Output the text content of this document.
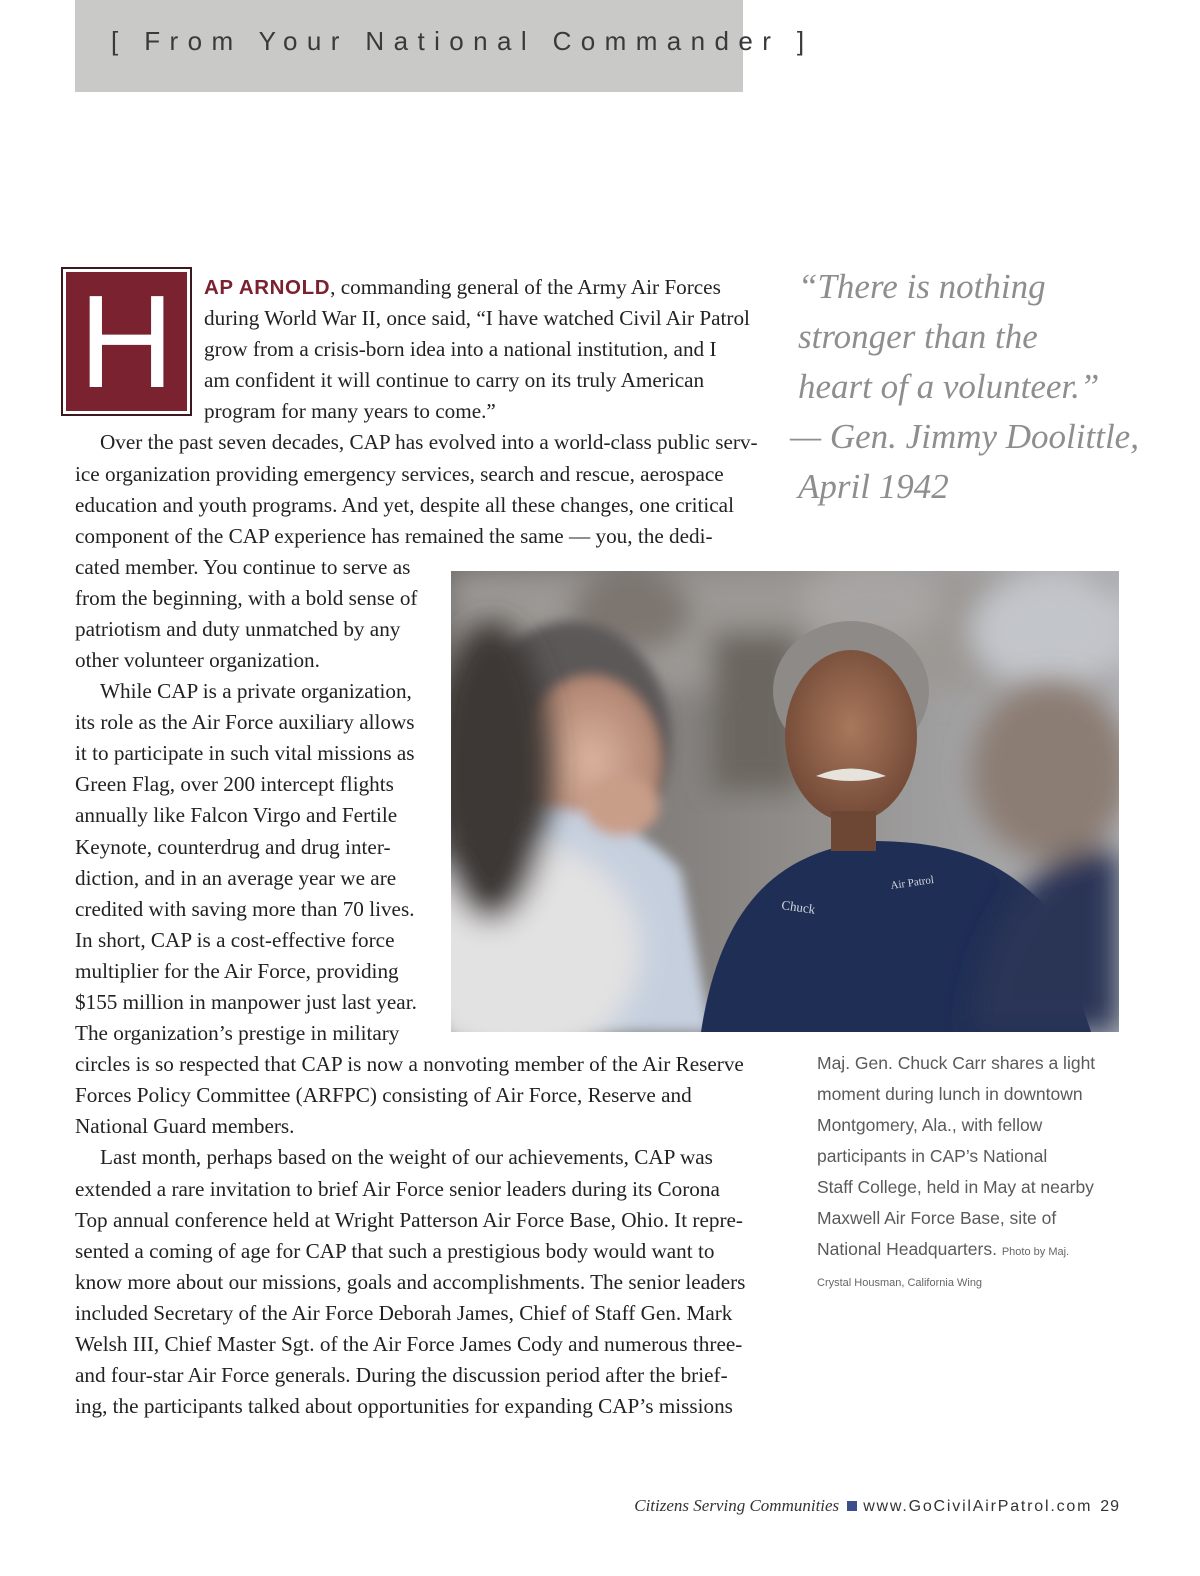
[ From Your National Commander ]
H	AP ARNOLD, commanding general of the Army Air Forces
during World War II, once said, “I have watched Civil Air Patrol
grow from a crisis-born idea into a national institution, and I
am confident it will continue to carry on its truly American
program for many years to come.”
Over the past seven decades, CAP has evolved into a world-class public serv-
ice organization providing emergency services, search and rescue, aerospace
education and youth programs. And yet, despite all these changes, one critical
component of the CAP experience has remained the same — you, the dedi-
cated member. You continue to serve as
from the beginning, with a bold sense of
patriotism and duty unmatched by any
other volunteer organization.
While CAP is a private organization,
its role as the Air Force auxiliary allows
it to participate in such vital missions as
Green Flag, over 200 intercept flights
annually like Falcon Virgo and Fertile
Keynote, counterdrug and drug inter-
diction, and in an average year we are
credited with saving more than 70 lives.
In short, CAP is a cost-effective force
multiplier for the Air Force, providing
$155 million in manpower just last year.
The organization’s prestige in military
circles is so respected that CAP is now a nonvoting member of the Air Reserve
Forces Policy Committee (ARFPC) consisting of Air Force, Reserve and
National Guard members.
Last month, perhaps based on the weight of our achievements, CAP was
extended a rare invitation to brief Air Force senior leaders during its Corona
Top annual conference held at Wright Patterson Air Force Base, Ohio. It repre-
sented a coming of age for CAP that such a prestigious body would want to
know more about our missions, goals and accomplishments. The senior leaders
included Secretary of the Air Force Deborah James, Chief of Staff Gen. Mark
Welsh III, Chief Master Sgt. of the Air Force James Cody and numerous three-
and four-star Air Force generals. During the discussion period after the brief-
ing, the participants talked about opportunities for expanding CAP’s missions
“There is nothing
stronger than the
heart of a volunteer.”
— Gen. Jimmy Doolittle,
April 1942
Chuck
Air Patrol
Maj. Gen. Chuck Carr shares a light
moment during lunch in downtown
Montgomery, Ala., with fellow
participants in CAP’s National
Staff College, held in May at nearby
Maxwell Air Force Base, site of
National Headquarters. Photo by Maj.
Crystal Housman, California Wing
Citizens Serving Communities www.GoCivilAirPatrol.com 29
